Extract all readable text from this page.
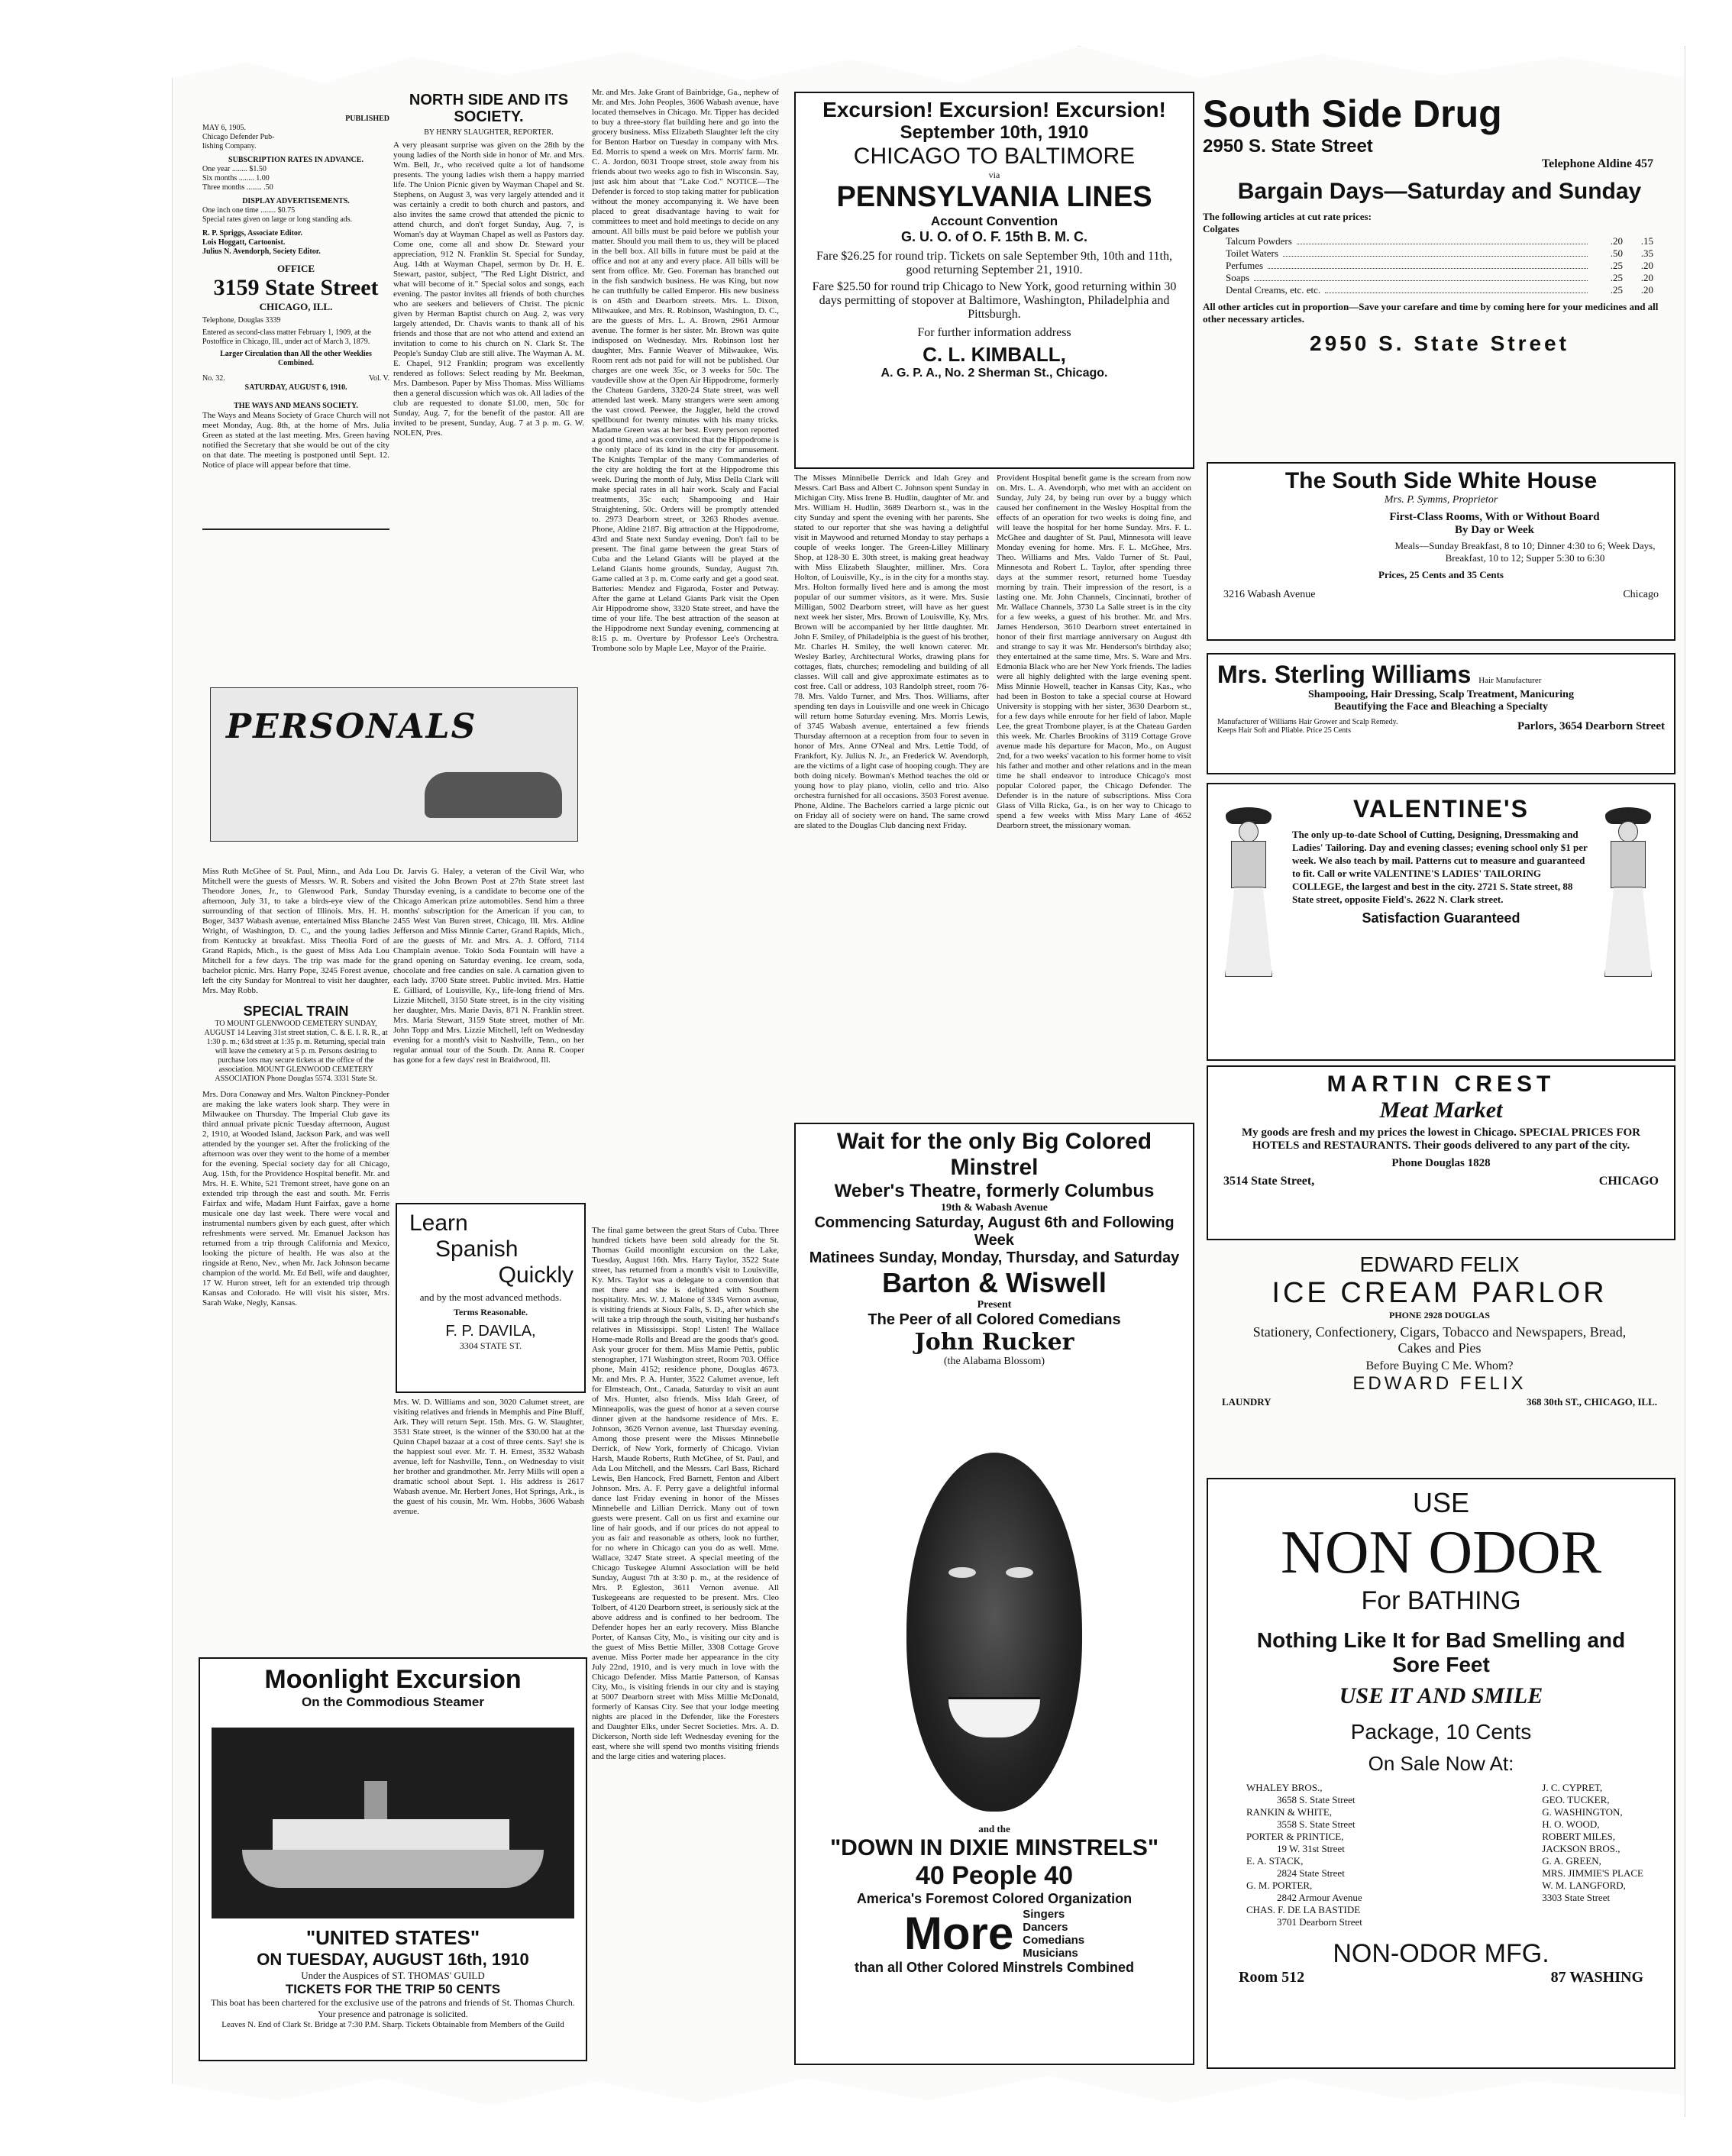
PUBLISHED
MAY 6, 1905.
Chicago Defender Pub-
lishing Company.
SUBSCRIPTION RATES IN ADVANCE.
One year ........ $1.50
Six months ........ 1.00
Three months ........ .50
DISPLAY ADVERTISEMENTS.
One inch one time ........ $0.75
Special rates given on large or long standing ads.
R. P. Spriggs, Associate Editor.
Lois Hoggatt, Cartoonist.
Julius N. Avendorph, Society Editor.
OFFICE
3159 State Street
CHICAGO, ILL.
Telephone, Douglas 3339
Entered as second-class matter February 1, 1909, at the Postoffice in Chicago, Ill., under act of March 3, 1879.
Larger Circulation than All the other Weeklies Combined.
No. 32.	Vol. V.
SATURDAY, AUGUST 6, 1910.
THE WAYS AND MEANS SOCIETY.
The Ways and Means Society of Grace Church will not meet Monday, Aug. 8th, at the home of Mrs. Julia Green as stated at the last meeting. Mrs. Green having notified the Secretary that she would be out of the city on that date. The meeting is postponed until Sept. 12. Notice of place will appear before that time.
NORTH SIDE AND ITS SOCIETY.
BY HENRY SLAUGHTER, REPORTER.
A very pleasant surprise was given on the 28th by the young ladies of the North side in honor of Mr. and Mrs. Wm. Bell, Jr., who received quite a lot of handsome presents. The young ladies wish them a happy married life. The Union Picnic given by Wayman Chapel and St. Stephens, on August 3, was very largely attended and it was certainly a credit to both church and pastors, and also invites the same crowd that attended the picnic to attend church, and don't forget Sunday, Aug. 7, is Woman's day at Wayman Chapel as well as Pastors day. Come one, come all and show Dr. Steward your appreciation, 912 N. Franklin St. Special for Sunday, Aug. 14th at Wayman Chapel, sermon by Dr. H. E. Stewart, pastor, subject, "The Red Light District, and what will become of it." Special solos and songs, each evening. The pastor invites all friends of both churches who are seekers and believers of Christ. The picnic given by Herman Baptist church on Aug. 2, was very largely attended, Dr. Chavis wants to thank all of his friends and those that are not who attend and extend an invitation to come to his church on N. Clark St. The People's Sunday Club are still alive. The Wayman A. M. E. Chapel, 912 Franklin; program was excellently rendered as follows: Select reading by Mr. Beekman, Mrs. Dambeson. Paper by Miss Thomas. Miss Williams then a general discussion which was ok. All ladies of the club are requested to donate $1.00, men, 50c for Sunday, Aug. 7, for the benefit of the pastor. All are invited to be present, Sunday, Aug. 7 at 3 p. m. G. W. NOLEN, Pres.
PERSONALS
Miss Ruth McGhee of St. Paul, Minn., and Ada Lou Mitchell were the guests of Messrs. W. R. Sobers and Theodore Jones, Jr., to Glenwood Park, Sunday afternoon, July 31, to take a birds-eye view of the surrounding of that section of Illinois. Mrs. H. H. Boger, 3437 Wabash avenue, entertained Miss Blanche Wright, of Washington, D. C., and the young ladies from Kentucky at breakfast. Miss Theolia Ford of Grand Rapids, Mich., is the guest of Miss Ada Lou Mitchell for a few days. The trip was made for the bachelor picnic. Mrs. Harry Pope, 3245 Forest avenue, left the city Sunday for Montreal to visit her daughter, Mrs. May Robb.
SPECIAL TRAIN
TO MOUNT GLENWOOD CEMETERY SUNDAY, AUGUST 14 Leaving 31st street station, C. & E. I. R. R., at 1:30 p. m.; 63d street at 1:35 p. m. Returning, special train will leave the cemetery at 5 p. m. Persons desiring to purchase lots may secure tickets at the office of the association. MOUNT GLENWOOD CEMETERY ASSOCIATION Phone Douglas 5574. 3331 State St.
Mrs. Dora Conaway and Mrs. Walton Pinckney-Ponder are making the lake waters look sharp. They were in Milwaukee on Thursday. The Imperial Club gave its third annual private picnic Tuesday afternoon, August 2, 1910, at Wooded Island, Jackson Park, and was well attended by the younger set. After the frolicking of the afternoon was over they went to the home of a member for the evening. Special society day for all Chicago, Aug. 15th, for the Providence Hospital benefit. Mr. and Mrs. H. E. White, 521 Tremont street, have gone on an extended trip through the east and south. Mr. Ferris Fairfax and wife, Madam Hunt Fairfax, gave a home musicale one day last week. There were vocal and instrumental numbers given by each guest, after which refreshments were served. Mr. Emanuel Jackson has returned from a trip through California and Mexico, looking the picture of health. He was also at the ringside at Reno, Nev., when Mr. Jack Johnson became champion of the world. Mr. Ed Bell, wife and daughter, 17 W. Huron street, left for an extended trip through Kansas and Colorado. He will visit his sister, Mrs. Sarah Wake, Negly, Kansas.
Dr. Jarvis G. Haley, a veteran of the Civil War, who visited the John Brown Post at 27th State street last Thursday evening, is a candidate to become one of the Chicago American prize automobiles. Send him a three months' subscription for the American if you can, to 2455 West Van Buren street, Chicago, Ill. Mrs. Aldine Jefferson and Miss Minnie Carter, Grand Rapids, Mich., are the guests of Mr. and Mrs. A. J. Offord, 7114 Champlain avenue. Tokio Soda Fountain will have a grand opening on Saturday evening. Ice cream, soda, chocolate and free candies on sale. A carnation given to each lady. 3700 State street. Public invited. Mrs. Hattie E. Gilliard, of Louisville, Ky., life-long friend of Mrs. Lizzie Mitchell, 3150 State street, is in the city visiting her daughter, Mrs. Marie Davis, 871 N. Franklin street. Mrs. Maria Stewart, 3159 State street, mother of Mr. John Topp and Mrs. Lizzie Mitchell, left on Wednesday evening for a month's visit to Nashville, Tenn., on her regular annual tour of the South. Dr. Anna R. Cooper has gone for a few days' rest in Braidwood, Ill.
Learn
Spanish
Quickly
and by the most advanced methods.
Terms Reasonable.
F. P. DAVILA,
3304 STATE ST.
Mrs. W. D. Williams and son, 3020 Calumet street, are visiting relatives and friends in Memphis and Pine Bluff, Ark. They will return Sept. 15th. Mrs. G. W. Slaughter, 3531 State street, is the winner of the $30.00 hat at the Quinn Chapel bazaar at a cost of three cents. Say! she is the happiest soul ever. Mr. T. H. Ernest, 3532 Wabash avenue, left for Nashville, Tenn., on Wednesday to visit her brother and grandmother. Mr. Jerry Mills will open a dramatic school about Sept. 1. His address is 2617 Wabash avenue. Mr. Herbert Jones, Hot Springs, Ark., is the guest of his cousin, Mr. Wm. Hobbs, 3606 Wabash avenue.
Moonlight Excursion
On the Commodious Steamer
"UNITED STATES"
ON TUESDAY, AUGUST 16th, 1910
Under the Auspices of ST. THOMAS' GUILD
TICKETS FOR THE TRIP 50 CENTS
This boat has been chartered for the exclusive use of the patrons and friends of St. Thomas Church. Your presence and patronage is solicited.
Leaves N. End of Clark St. Bridge at 7:30 P.M. Sharp. Tickets Obtainable from Members of the Guild
Mr. and Mrs. Jake Grant of Bainbridge, Ga., nephew of Mr. and Mrs. John Peoples, 3606 Wabash avenue, have located themselves in Chicago. Mr. Tipper has decided to buy a three-story flat building here and go into the grocery business. Miss Elizabeth Slaughter left the city for Benton Harbor on Tuesday in company with Mrs. Ed. Morris to spend a week on Mrs. Morris' farm. Mr. C. A. Jordon, 6031 Troope street, stole away from his friends about two weeks ago to fish in Wisconsin. Say, just ask him about that "Lake Cod." NOTICE—The Defender is forced to stop taking matter for publication without the money accompanying it. We have been placed to great disadvantage having to wait for committees to meet and hold meetings to decide on any amount. All bills must be paid before we publish your matter. Should you mail them to us, they will be placed in the bell box. All bills in future must be paid at the office and not at any and every place. All bills will be sent from office. Mr. Geo. Foreman has branched out in the fish sandwich business. He was King, but now he can truthfully be called Emperor. His new business is on 45th and Dearborn streets. Mrs. L. Dixon, Milwaukee, and Mrs. R. Robinson, Washington, D. C., are the guests of Mrs. L. A. Brown, 2961 Armour avenue. The former is her sister. Mr. Brown was quite indisposed on Wednesday. Mrs. Robinson lost her daughter, Mrs. Fannie Weaver of Milwaukee, Wis. Room rent ads not paid for will not be published. Our charges are one week 35c, or 3 weeks for 50c. The vaudeville show at the Open Air Hippodrome, formerly the Chateau Gardens, 3320-24 State street, was well attended last week. Many strangers were seen among the vast crowd. Peewee, the Juggler, held the crowd spellbound for twenty minutes with his many tricks. Madame Green was at her best. Every person reported a good time, and was convinced that the Hippodrome is the only place of its kind in the city for amusement. The Knights Templar of the many Commanderies of the city are holding the fort at the Hippodrome this week. During the month of July, Miss Della Clark will make special rates in all hair work. Scaly and Facial treatments, 35c each; Shampooing and Hair Straightening, 50c. Orders will be promptly attended to. 2973 Dearborn street, or 3263 Rhodes avenue. Phone, Aldine 2187. Big attraction at the Hippodrome, 43rd and State next Sunday evening. Don't fail to be present. The final game between the great Stars of Cuba and the Leland Giants will be played at the Leland Giants home grounds, Sunday, August 7th. Game called at 3 p. m. Come early and get a good seat. Batteries: Mendez and Figaroda, Foster and Petway. After the game at Leland Giants Park visit the Open Air Hippodrome show, 3320 State street, and have the time of your life. The best attraction of the season at the Hippodrome next Sunday evening, commencing at 8:15 p. m. Overture by Professor Lee's Orchestra. Trombone solo by Maple Lee, Mayor of the Prairie.
The final game between the great Stars of Cuba. Three hundred tickets have been sold already for the St. Thomas Guild moonlight excursion on the Lake, Tuesday, August 16th. Mrs. Harry Taylor, 3522 State street, has returned from a month's visit to Louisville, Ky. Mrs. Taylor was a delegate to a convention that met there and she is delighted with Southern hospitality. Mrs. W. J. Malone of 3345 Vernon avenue, is visiting friends at Sioux Falls, S. D., after which she will take a trip through the south, visiting her husband's relatives in Mississippi. Stop! Listen! The Wallace Home-made Rolls and Bread are the goods that's good. Ask your grocer for them. Miss Mamie Pettis, public stenographer, 171 Washington street, Room 703. Office phone, Main 4152; residence phone, Douglas 4673. Mr. and Mrs. P. A. Hunter, 3522 Calumet avenue, left for Elmsteach, Ont., Canada, Saturday to visit an aunt of Mrs. Hunter, also friends. Miss Idah Greer, of Minneapolis, was the guest of honor at a seven course dinner given at the handsome residence of Mrs. E. Johnson, 3626 Vernon avenue, last Thursday evening. Among those present were the Misses Minnebelle Derrick, of New York, formerly of Chicago. Vivian Harsh, Maude Roberts, Ruth McGhee, of St. Paul, and Ada Lou Mitchell, and the Messrs. Carl Bass, Richard Lewis, Ben Hancock, Fred Barnett, Fenton and Albert Johnson. Mrs. A. F. Perry gave a delightful informal dance last Friday evening in honor of the Misses Minnebelle and Lillian Derrick. Many out of town guests were present. Call on us first and examine our line of hair goods, and if our prices do not appeal to you as fair and reasonable as others, look no further, for no where in Chicago can you do as well. Mme. Wallace, 3247 State street. A special meeting of the Chicago Tuskegee Alumni Association will be held Sunday, August 7th at 3:30 p. m., at the residence of Mrs. P. Egleston, 3611 Vernon avenue. All Tuskegeeans are requested to be present. Mrs. Cleo Tolbert, of 4120 Dearborn street, is seriously sick at the above address and is confined to her bedroom. The Defender hopes her an early recovery. Miss Blanche Porter, of Kansas City, Mo., is visiting our city and is the guest of Miss Bettie Miller, 3308 Cottage Grove avenue. Miss Porter made her appearance in the city July 22nd, 1910, and is very much in love with the Chicago Defender. Miss Mattie Patterson, of Kansas City, Mo., is visiting friends in our city and is staying at 5007 Dearborn street with Miss Millie McDonald, formerly of Kansas City. See that your lodge meeting nights are placed in the Defender, like the Foresters and Daughter Elks, under Secret Societies. Mrs. A. D. Dickerson, North side left Wednesday evening for the east, where she will spend two months visiting friends and the large cities and watering places.
Excursion! Excursion! Excursion!
September 10th, 1910
CHICAGO TO BALTIMORE
via
PENNSYLVANIA LINES
Account Convention
G. U. O. of O. F. 15th B. M. C.
Fare $26.25 for round trip. Tickets on sale September 9th, 10th and 11th, good returning September 21, 1910.
Fare $25.50 for round trip Chicago to New York, good returning within 30 days permitting of stopover at Baltimore, Washington, Philadelphia and Pittsburgh.
For further information address
C. L. KIMBALL,
A. G. P. A., No. 2 Sherman St., Chicago.
The Misses Minnibelle Derrick and Idah Grey and Messrs. Carl Bass and Albert C. Johnson spent Sunday in Michigan City. Miss Irene B. Hudlin, daughter of Mr. and Mrs. William H. Hudlin, 3689 Dearborn st., was in the city Sunday and spent the evening with her parents. She stated to our reporter that she was having a delightful visit in Maywood and returned Monday to stay perhaps a couple of weeks longer. The Green-Lilley Millinary Shop, at 128-30 E. 30th street, is making great headway with Miss Elizabeth Slaughter, milliner. Mrs. Cora Holton, of Louisville, Ky., is in the city for a months stay. Mrs. Holton formally lived here and is among the most popular of our summer visitors, as it were. Mrs. Susie Milligan, 5002 Dearborn street, will have as her guest next week her sister, Mrs. Brown of Louisville, Ky. Mrs. Brown will be accompanied by her little daughter. Mr. John F. Smiley, of Philadelphia is the guest of his brother, Mr. Charles H. Smiley, the well known caterer. Mr. Wesley Barley, Architectural Works, drawing plans for cottages, flats, churches; remodeling and building of all classes. Will call and give approximate estimates as to cost free. Call or address, 103 Randolph street, room 76-78. Mrs. Valdo Turner, and Mrs. Thos. Williams, after spending ten days in Louisville and one week in Chicago will return home Saturday evening. Mrs. Morris Lewis, of 3745 Wabash avenue, entertained a few friends Thursday afternoon at a reception from four to seven in honor of Mrs. Anne O'Neal and Mrs. Lettie Todd, of Frankfort, Ky. Julius N. Jr., an Frederick W. Avendorph, are the victims of a light case of hooping cough. They are both doing nicely. Bowman's Method teaches the old or young how to play piano, violin, cello and trio. Also orchestra furnished for all occasions. 3503 Forest avenue. Phone, Aldine. The Bachelors carried a large picnic out on Friday all of society were on hand. The same crowd are slated to the Douglas Club dancing next Friday.
Provident Hospital benefit game is the scream from now on. Mrs. L. A. Avendorph, who met with an accident on Sunday, July 24, by being run over by a buggy which caused her confinement in the Wesley Hospital from the effects of an operation for two weeks is doing fine, and will leave the hospital for her home Sunday. Mrs. F. L. McGhee and daughter of St. Paul, Minnesota will leave Monday evening for home. Mrs. F. L. McGhee, Mrs. Theo. Williams and Mrs. Valdo Turner of St. Paul, Minnesota and Robert L. Taylor, after spending three days at the summer resort, returned home Tuesday morning by train. Their impression of the resort, is a lasting one. Mr. John Channels, Cincinnati, brother of Mr. Wallace Channels, 3730 La Salle street is in the city for a few weeks, a guest of his brother. Mr. and Mrs. James Henderson, 3610 Dearborn street entertained in honor of their first marriage anniversary on August 4th and strange to say it was Mr. Henderson's birthday also; they entertained at the same time, Mrs. S. Ware and Mrs. Edmonia Black who are her New York friends. The ladies were all highly delighted with the large evening spent. Miss Minnie Howell, teacher in Kansas City, Kas., who had been in Boston to take a special course at Howard University is stopping with her sister, 3630 Dearborn st., for a few days while enroute for her field of labor. Maple Lee, the great Trombone player, is at the Chateau Garden this week. Mr. Charles Brookins of 3119 Cottage Grove avenue made his departure for Macon, Mo., on August 2nd, for a two weeks' vacation to his former home to visit his father and mother and other relations and in the mean time he shall endeavor to introduce Chicago's most popular Colored paper, the Chicago Defender. The Defender is in the nature of subscriptions. Miss Cora Glass of Villa Ricka, Ga., is on her way to Chicago to spend a few weeks with Miss Mary Lane of 4652 Dearborn street, the missionary woman.
Wait for the only Big Colored Minstrel
Weber's Theatre, formerly Columbus
19th & Wabash Avenue
Commencing Saturday, August 6th and Following Week
Matinees Sunday, Monday, Thursday, and Saturday
Barton & Wiswell
Present
The Peer of all Colored Comedians
John Rucker
(the Alabama Blossom)
and the
"DOWN IN DIXIE MINSTRELS"
40 People 40
America's Foremost Colored Organization
More Singers
Dancers
Comedians
Musicians
than all Other Colored Minstrels Combined
South Side Drug
2950 S. State Street
Telephone Aldine 457
Bargain Days—Saturday and Sunday
The following articles at cut rate prices:
Colgates
Talcum Powders	.20	.15
Toilet Waters	.50	.35
Perfumes	.25	.20
Soaps	.25	.20
Dental Creams, etc. etc.	.25	.20
All other articles cut in proportion—Save your carefare and time by coming here for your medicines and all other necessary articles.
2950 S. State Street
The South Side White House
Mrs. P. Symms, Proprietor
First-Class Rooms, With or Without Board By Day or Week
Meals—Sunday Breakfast, 8 to 10; Dinner 4:30 to 6; Week Days, Breakfast, 10 to 12; Supper 5:30 to 6:30
Prices, 25 Cents and 35 Cents
3216 Wabash Avenue	Chicago
Mrs. Sterling Williams Hair Manufacturer
Shampooing, Hair Dressing, Scalp Treatment, Manicuring
Beautifying the Face and Bleaching a Specialty
Manufacturer of Williams Hair Grower and Scalp Remedy. Keeps Hair Soft and Pliable. Price 25 Cents	Parlors, 3654 Dearborn Street
VALENTINE'S
The only up-to-date School of Cutting, Designing, Dressmaking and Ladies' Tailoring. Day and evening classes; evening school only $1 per week. We also teach by mail. Patterns cut to measure and guaranteed to fit. Call or write VALENTINE'S LADIES' TAILORING COLLEGE, the largest and best in the city. 2721 S. State street, 88 State street, opposite Field's. 2622 N. Clark street.
Satisfaction Guaranteed
MARTIN CREST
Meat Market
My goods are fresh and my prices the lowest in Chicago. SPECIAL PRICES FOR HOTELS and RESTAURANTS. Their goods delivered to any part of the city.
Phone Douglas 1828
3514 State Street,	CHICAGO
EDWARD FELIX
ICE CREAM PARLOR
PHONE 2928 DOUGLAS
Stationery, Confectionery, Cigars, Tobacco and Newspapers, Bread, Cakes and Pies
Before Buying C Me. Whom?
EDWARD FELIX
LAUNDRY	368 30th ST., CHICAGO, ILL.
USE
NON ODOR
For BATHING
Nothing Like It for Bad Smelling and Sore Feet
USE IT AND SMILE
Package, 10 Cents
On Sale Now At:
WHALEY BROS.,
3658 S. State Street
RANKIN & WHITE,
3558 S. State Street
PORTER & PRINTICE,
19 W. 31st Street
E. A. STACK,
2824 State Street
G. M. PORTER,
2842 Armour Avenue
CHAS. F. DE LA BASTIDE
3701 Dearborn Street
J. C. CYPRET,
GEO. TUCKER,
G. WASHINGTON,
H. O. WOOD,
ROBERT MILES,
JACKSON BROS.,
G. A. GREEN,
MRS. JIMMIE'S PLACE
W. M. LANGFORD,
3303 State Street
NON-ODOR MFG.
Room 512	87 WASHING
